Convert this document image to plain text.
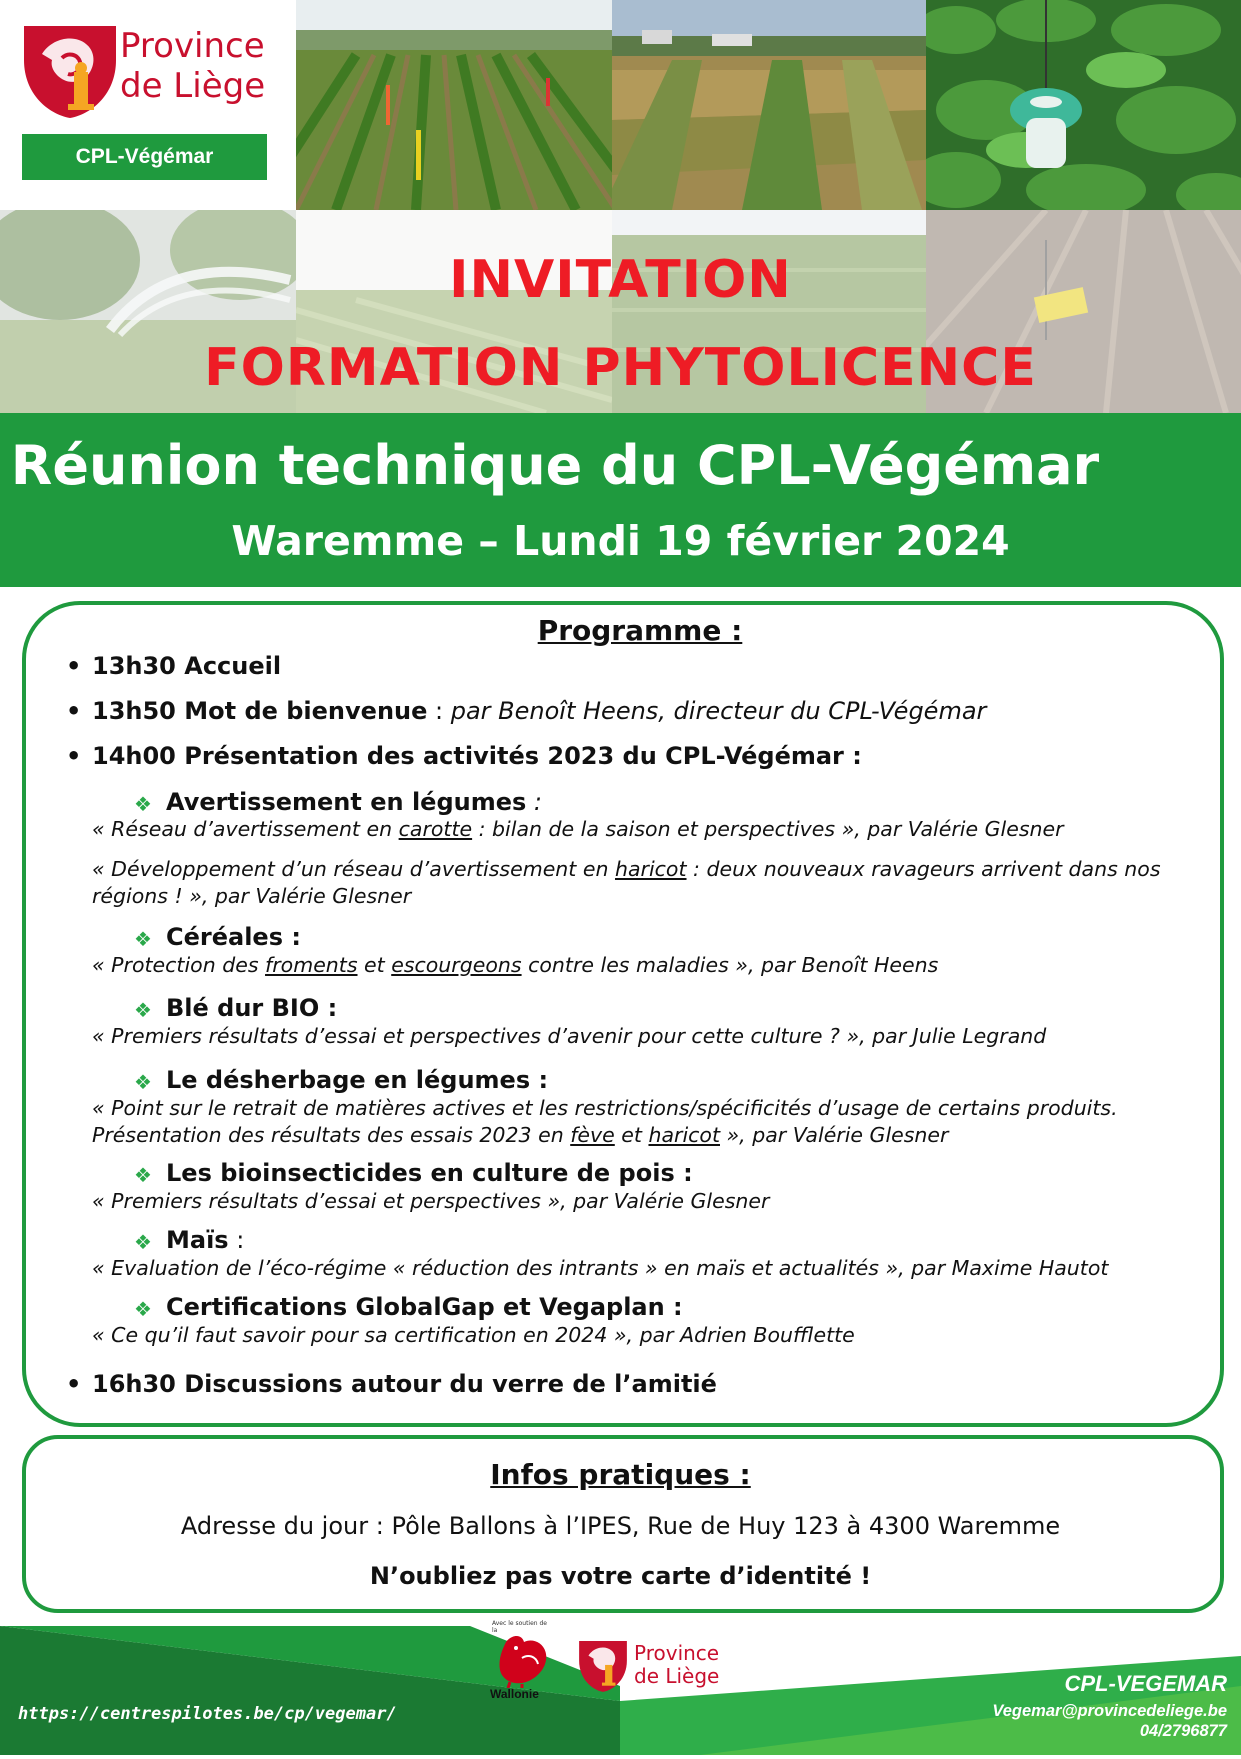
Province
de Liège
CPL-Végémar
INVITATION
FORMATION PHYTOLICENCE
Réunion technique du CPL-Végémar
Waremme – Lundi 19 février 2024
Programme :
13h30 Accueil
13h50 Mot de bienvenue : par Benoît Heens, directeur du CPL-Végémar
14h00 Présentation des activités 2023 du CPL-Végémar :
❖ Avertissement en légumes :
« Réseau d’avertissement en carotte : bilan de la saison et perspectives », par Valérie Glesner
« Développement d’un réseau d’avertissement en haricot : deux nouveaux ravageurs arrivent dans nos régions ! », par Valérie Glesner
❖ Céréales :
« Protection des froments et escourgeons contre les maladies », par Benoît Heens
❖ Blé dur BIO :
« Premiers résultats d’essai et perspectives d’avenir pour cette culture ? », par Julie Legrand
❖ Le désherbage en légumes :
« Point sur le retrait de matières actives et les restrictions/spécificités d’usage de certains produits. Présentation des résultats des essais 2023 en fève et haricot », par Valérie Glesner
❖ Les bioinsecticides en culture de pois :
« Premiers résultats d’essai et perspectives », par Valérie Glesner
❖ Maïs :
« Evaluation de l’éco-régime « réduction des intrants » en maïs et actualités », par Maxime Hautot
❖ Certifications GlobalGap et Vegaplan :
« Ce qu’il faut savoir pour sa certification en 2024 », par Adrien Boufflette
16h30 Discussions autour du verre de l’amitié
Infos pratiques :
Adresse du jour : Pôle Ballons à l’IPES, Rue de Huy 123 à 4300 Waremme
N’oubliez pas votre carte d’identité !
https://centrespilotes.be/cp/vegemar/
Avec le soutien de la
Wallonie
Province
de Liège	CPL-VEGEMAR
Vegemar@provincedeliege.be
04/2796877
